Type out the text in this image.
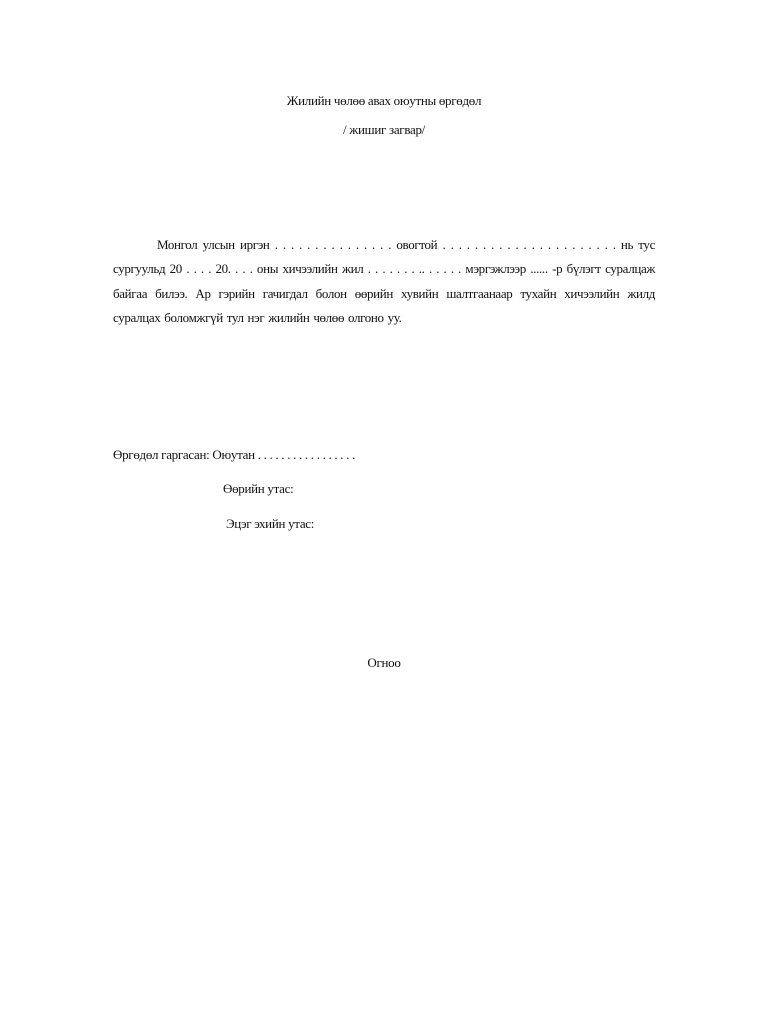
Жилийн чөлөө авах оюутны өргөдөл
/ жишиг загвар/
Монгол улсын иргэн . . . . . . . . . . . . . . . овогтой . . . . . . . . . . . . . . . . . . . . . . нь тус сургуульд 20 . . . . 20. . . . оны хичээлийн жил . . . . . . . .. . . . . . мэргэжлээр ...... -р бүлэгт суралцаж байгаа билээ. Ар гэрийн гачигдал болон өөрийн хувийн шалтгаанаар тухайн хичээлийн жилд суралцах боломжгүй тул нэг жилийн чөлөө олгоно уу.
Өргөдөл гаргасан: Оюутан . . . . . . . . . . . . . . . . .
Өөрийн утас:
Эцэг эхийн утас:
Огноо
